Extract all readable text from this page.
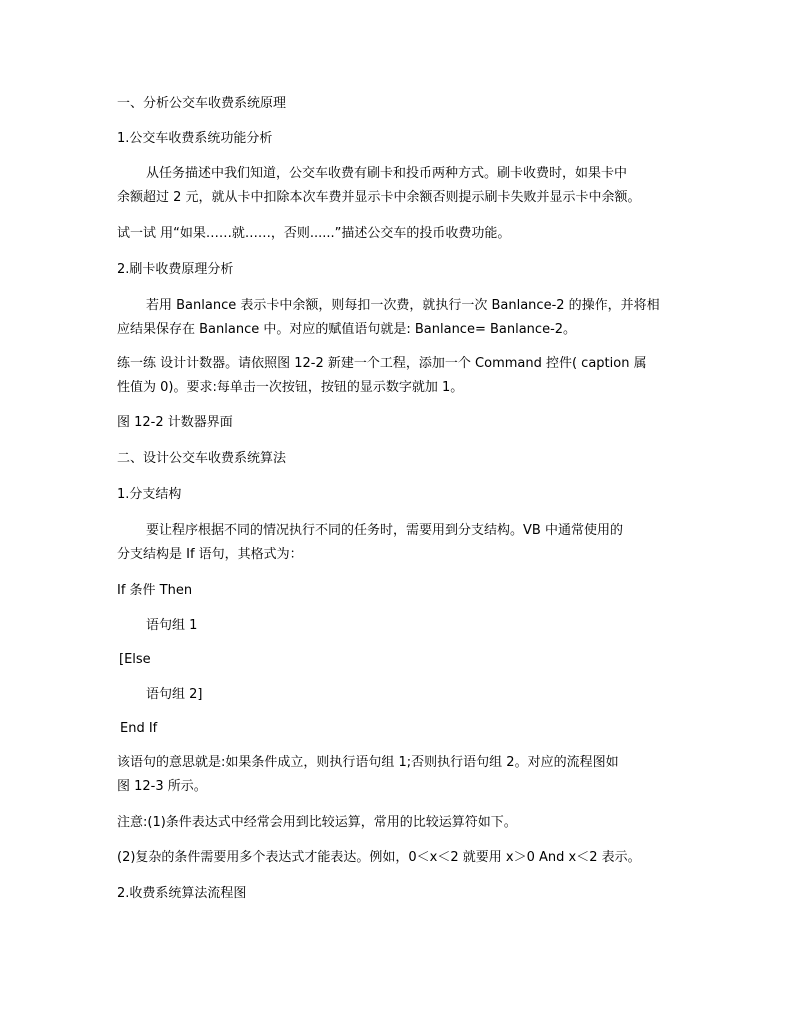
一、分析公交车收费系统原理
1.公交车收费系统功能分析
从任务描述中我们知道，公交车收费有刷卡和投币两种方式。刷卡收费时，如果卡中
余额超过 2 元，就从卡中扣除本次车费并显示卡中余额否则提示刷卡失败并显示卡中余额。
试一试 用“如果……就……，否则......”描述公交车的投币收费功能。
2.刷卡收费原理分析
若用 Banlance 表示卡中余额，则每扣一次费，就执行一次 Banlance-2 的操作，并将相
应结果保存在 Banlance 中。对应的赋值语句就是: Banlance= Banlance-2。
练一练 设计计数器。请依照图 12-2 新建一个工程，添加一个 Command 控件( caption 属
性值为 0)。要求:每单击一次按钮，按钮的显示数字就加 1。
图 12-2 计数器界面
二、设计公交车收费系统算法
1.分支结构
要让程序根据不同的情况执行不同的任务时，需要用到分支结构。VB 中通常使用的
分支结构是 If 语句，其格式为：
If 条件 Then
语句组 1
[Else
语句组 2]
End If
该语句的意思就是:如果条件成立，则执行语句组 1;否则执行语句组 2。对应的流程图如
图 12-3 所示。
注意:(1)条件表达式中经常会用到比较运算，常用的比较运算符如下。
(2)复杂的条件需要用多个表达式才能表达。例如，0＜x＜2 就要用 x＞0 And x＜2 表示。
2.收费系统算法流程图
